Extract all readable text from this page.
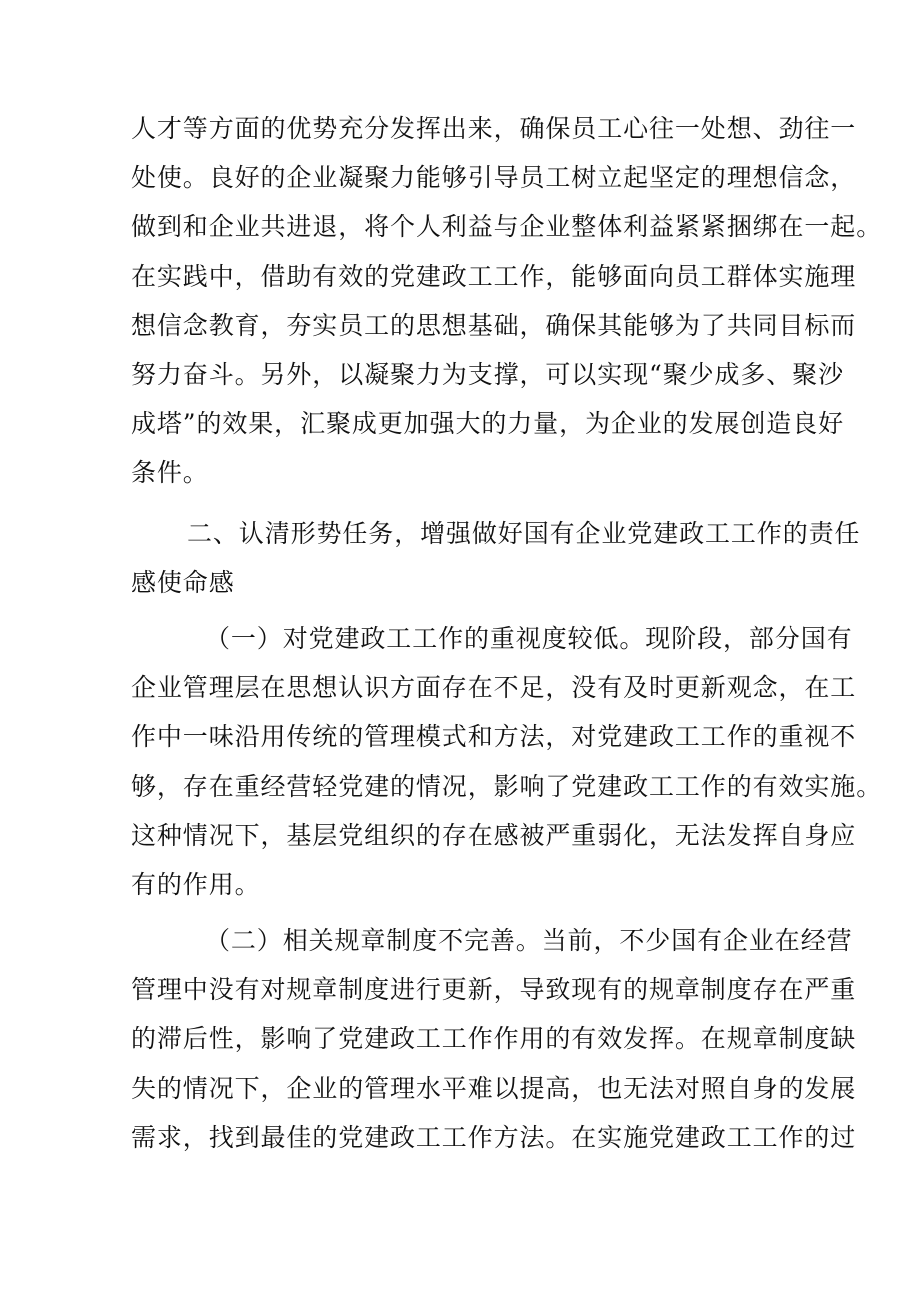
人才等方面的优势充分发挥出来，确保员工心往一处想、劲往一
处使。良好的企业凝聚力能够引导员工树立起坚定的理想信念，
做到和企业共进退，将个人利益与企业整体利益紧紧捆绑在一起。
在实践中，借助有效的党建政工工作，能够面向员工群体实施理
想信念教育，夯实员工的思想基础，确保其能够为了共同目标而
努力奋斗。另外，以凝聚力为支撑，可以实现“聚少成多、聚沙
成塔”的效果，汇聚成更加强大的力量，为企业的发展创造良好
条件。
二、认清形势任务，增强做好国有企业党建政工工作的责任
感使命感
（一）对党建政工工作的重视度较低。现阶段，部分国有
企业管理层在思想认识方面存在不足，没有及时更新观念，在工
作中一味沿用传统的管理模式和方法，对党建政工工作的重视不
够，存在重经营轻党建的情况，影响了党建政工工作的有效实施。
这种情况下，基层党组织的存在感被严重弱化，无法发挥自身应
有的作用。
（二）相关规章制度不完善。当前，不少国有企业在经营
管理中没有对规章制度进行更新，导致现有的规章制度存在严重
的滞后性，影响了党建政工工作作用的有效发挥。在规章制度缺
失的情况下，企业的管理水平难以提高，也无法对照自身的发展
需求，找到最佳的党建政工工作方法。在实施党建政工工作的过
